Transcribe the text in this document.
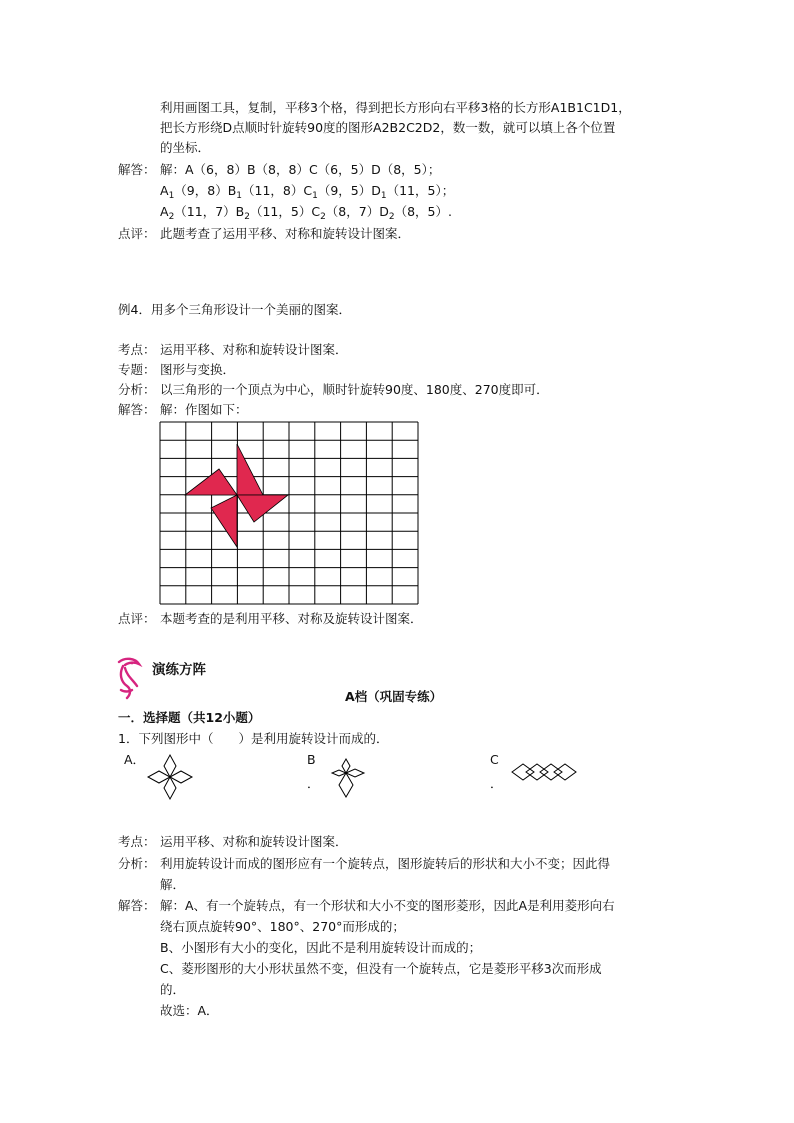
利用画图工具，复制，平移3个格，得到把长方形向右平移3格的长方形A1B1C1D1，
把长方形绕D点顺时针旋转90度的图形A2B2C2D2，数一数，就可以填上各个位置
的坐标．
解答： 解：A（6，8）B（8，8）C（6，5）D（8，5）；
$A_1(9$，$8)B_1(11$，$8)C_1(9$，$5)D_1(11$，5）；
$A_2(11$，$7)B_2(11$，$5)C_2(8$，$7)D_2(8$，5）.
点评： 此题考查了运用平移、对称和旋转设计图案．
例4．用多个三角形设计一个美丽的图案．
考点： 运用平移、对称和旋转设计图案．
专题： 图形与变换．
分析： 以三角形的一个顶点为中心，顺时针旋转90度、180度、270度即可．
解答： 解：作图如下：
点评： 本题考查的是利用平移、对称及旋转设计图案．
演练方阵
A档（巩固专练）
一．选择题（共12小题）
1．下列图形中（　　）是利用旋转设计而成的．
A．	B
．
C
．
考点： 运用平移、对称和旋转设计图案．
分析： 利用旋转设计而成的图形应有一个旋转点，图形旋转后的形状和大小不变；因此得
解．
解答： 解：A、有一个旋转点，有一个形状和大小不变的图形菱形，因此A是利用菱形向右
绕右顶点旋转90°、180°、270°而形成的；
B、小图形有大小的变化，因此不是利用旋转设计而成的；
C、菱形图形的大小形状虽然不变，但没有一个旋转点，它是菱形平移3次而形成
的．
故选：A．
